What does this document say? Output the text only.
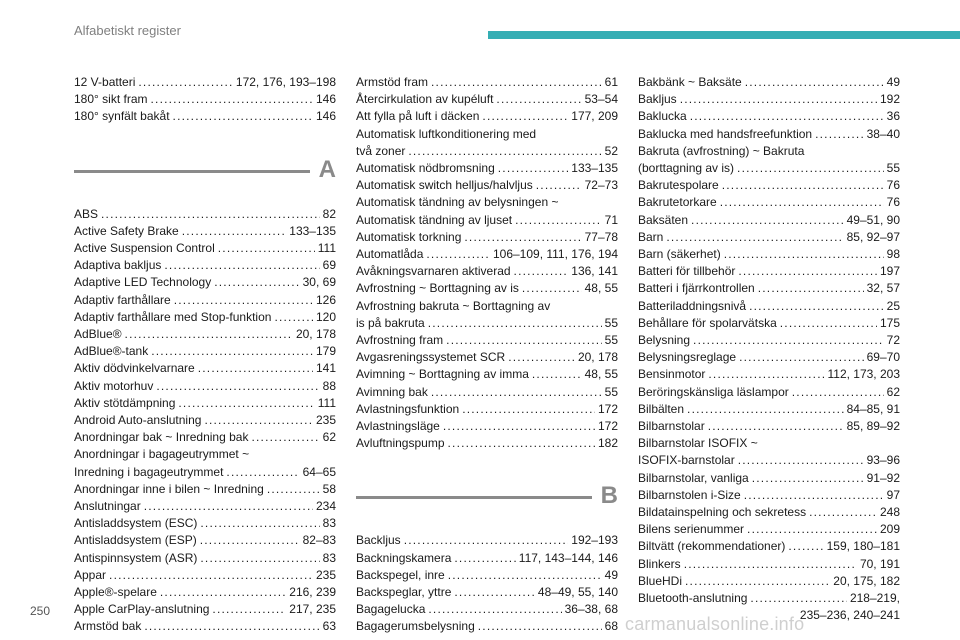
Alfabetiskt register
12 V-batteri .....	172, 176, 193–198
180° sikt fram .....	146
180° synfält bakåt .....	146
A
ABS .....	82
Active Safety Brake .....	133–135
Active Suspension Control .....	111
Adaptiva bakljus .....	69
Adaptive LED Technology .....	30, 69
Adaptiv farthållare .....	126
Adaptiv farthållare med Stop-funktion .....	120
AdBlue® .....	20, 178
AdBlue®-tank .....	179
Aktiv dödvinkelvarnare .....	141
Aktiv motorhuv .....	88
Aktiv stötdämpning .....	111
Android Auto-anslutning .....	235
Anordningar bak ~ Inredning bak .....	62
Anordningar i bagageutrymmet ~
Inredning i bagageutrymmet .....	64–65
Anordningar inne i bilen ~ Inredning .....	58
Anslutningar .....	234
Antisladdsystem (ESC) .....	83
Antisladdsystem (ESP) .....	82–83
Antispinnsystem (ASR) .....	83
Appar .....	235
Apple®-spelare .....	216, 239
Apple CarPlay-anslutning .....	217, 235
Armstöd bak .....	63
Armstöd fram .....	61
Återcirkulation av kupéluft .....	53–54
Att fylla på luft i däcken .....	177, 209
Automatisk luftkonditionering med
två zoner .....	52
Automatisk nödbromsning .....	133–135
Automatisk switch helljus/halvljus .....	72–73
Automatisk tändning av belysningen ~
Automatisk tändning av ljuset .....	71
Automatisk torkning .....	77–78
Automatlåda .....	106–109, 111, 176, 194
Avåkningsvarnaren aktiverad .....	136, 141
Avfrostning ~ Borttagning av is .....	48, 55
Avfrostning bakruta ~ Borttagning av
is på bakruta .....	55
Avfrostning fram .....	55
Avgasreningssystemet SCR .....	20, 178
Avimning ~ Borttagning av imma .....	48, 55
Avimning bak .....	55
Avlastningsfunktion .....	172
Avlastningsläge .....	172
Avluftningspump .....	182
B
Backljus .....	192–193
Backningskamera .....	117, 143–144, 146
Backspegel, inre .....	49
Backspeglar, yttre .....	48–49, 55, 140
Bagagelucka .....	36–38, 68
Bagagerumsbelysning .....	68
Bakbänk ~ Baksäte .....	49
Bakljus .....	192
Baklucka .....	36
Baklucka med handsfreefunktion .....	38–40
Bakruta (avfrostning) ~ Bakruta
(borttagning av is) .....	55
Bakrutespolare .....	76
Bakrutetorkare .....	76
Baksäten .....	49–51, 90
Barn .....	85, 92–97
Barn (säkerhet) .....	98
Batteri för tillbehör .....	197
Batteri i fjärrkontrollen .....	32, 57
Batteriladdningsnivå .....	25
Behållare för spolarvätska .....	175
Belysning .....	72
Belysningsreglage .....	69–70
Bensinmotor .....	112, 173, 203
Beröringskänsliga läslampor .....	62
Bilbälten .....	84–85, 91
Bilbarnstolar .....	85, 89–92
Bilbarnstolar ISOFIX ~
ISOFIX-barnstolar .....	93–96
Bilbarnstolar, vanliga .....	91–92
Bilbarnstolen i-Size .....	97
Bildatainspelning och sekretess .....	248
Bilens serienummer .....	209
Biltvätt (rekommendationer) .....	159, 180–181
Blinkers .....	70, 191
BlueHDi .....	20, 175, 182
Bluetooth-anslutning .....	218–219,
235–236, 240–241
250
carmanualsonline.info
